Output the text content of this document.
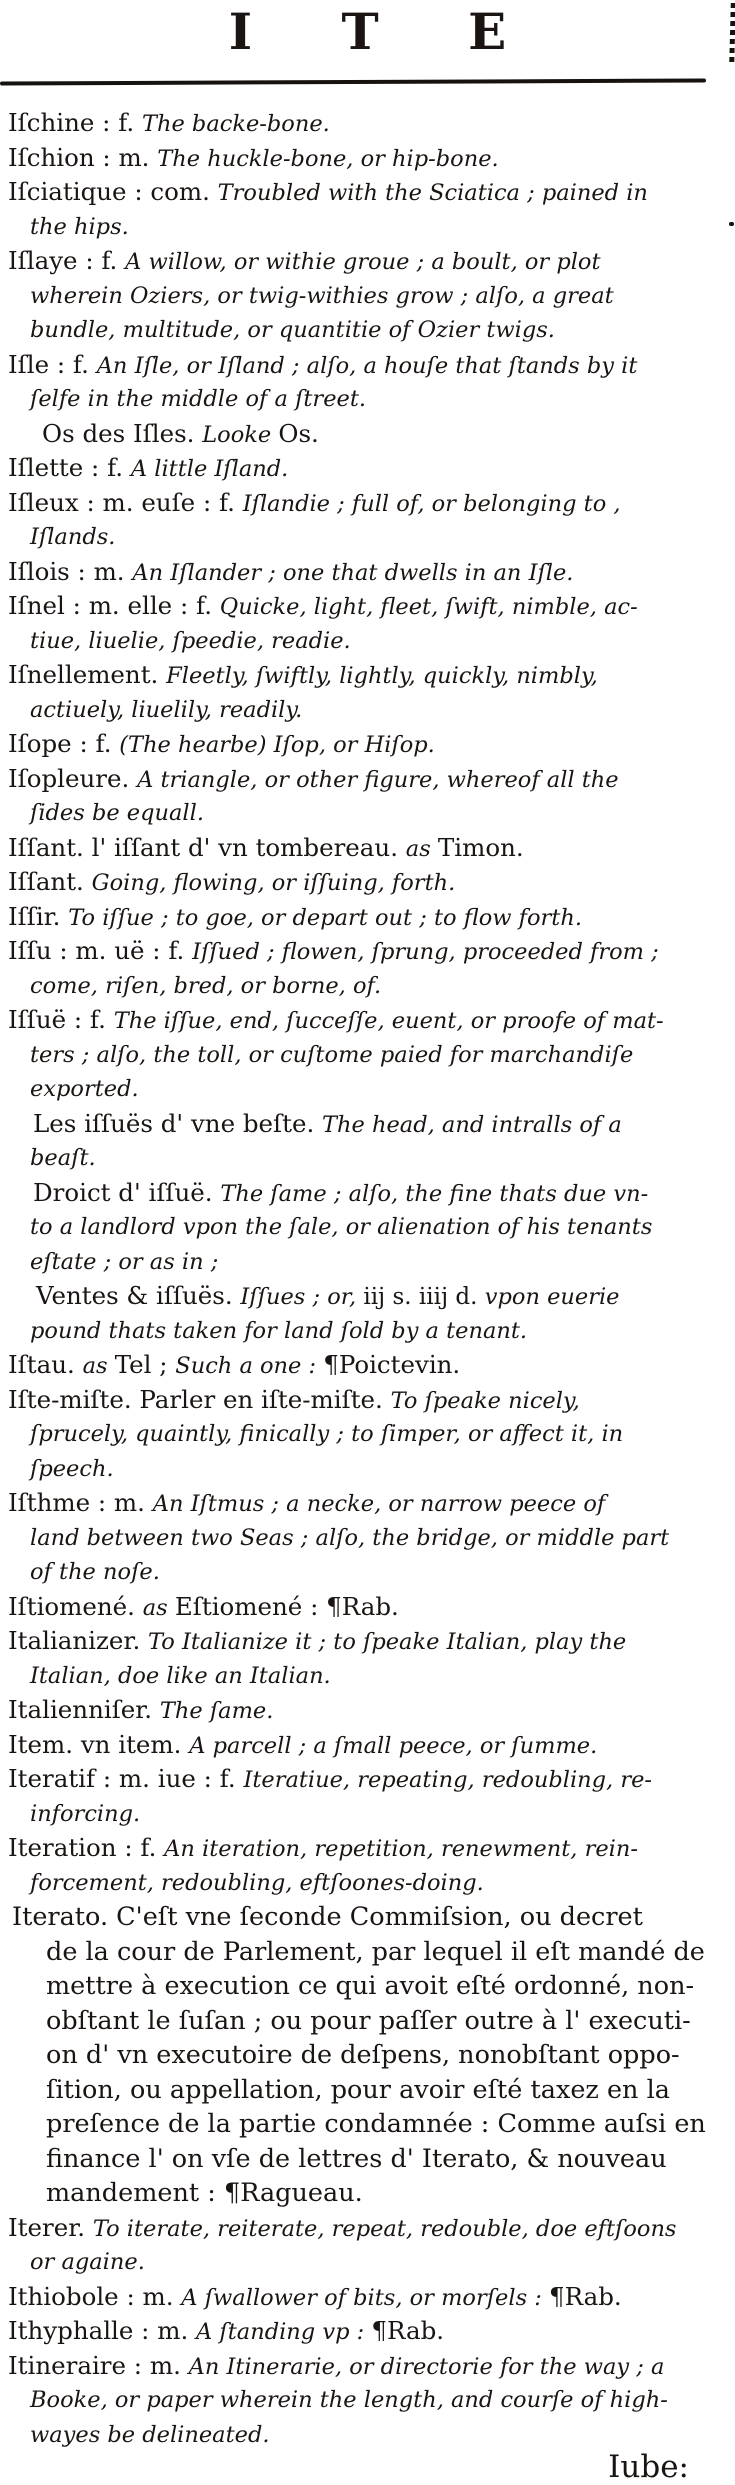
I T E
Iſchine : f. The backe-bone.
Iſchion : m. The huckle-bone, or hip-bone.
Iſciatique : com. Troubled with the Sciatica ; pained in
the hips.
Iſlaye : f. A willow, or withie groue ; a boult, or plot
wherein Oziers, or twig-withies grow ; alſo, a great
bundle, multitude, or quantitie of Ozier twigs.
Iſle : f. An Iſle, or Iſland ; alſo, a houſe that ſtands by it
ſelfe in the middle of a ſtreet.
Os des Iſles. Looke Os.
Iſlette : f. A little Iſland.
Iſleux : m. euſe : f. Iſlandie ; full of, or belonging to ,
Iſlands.
Iſlois : m. An Iſlander ; one that dwells in an Iſle.
Iſnel : m. elle : f. Quicke, light, fleet, ſwift, nimble, ac-
tiue, liuelie, ſpeedie, readie.
Iſnellement. Fleetly, ſwiftly, lightly, quickly, nimbly,
actiuely, liuelily, readily.
Iſope : f. (The hearbe) Iſop, or Hiſop.
Iſopleure. A triangle, or other figure, whereof all the
ſides be equall.
Iſſant. l' iſſant d' vn tombereau. as Timon.
Iſſant. Going, flowing, or iſſuing, forth.
Iſſir. To iſſue ; to goe, or depart out ; to flow forth.
Iſſu : m. uë : f. Iſſued ; flowen, ſprung, proceeded from ;
come, riſen, bred, or borne, of.
Iſſuë : f. The iſſue, end, ſucceſſe, euent, or proofe of mat-
ters ; alſo, the toll, or cuſtome paied for marchandiſe
exported.
Les iſſuës d' vne beſte. The head, and intralls of a
beaſt.
Droict d' iſſuë. The ſame ; alſo, the fine thats due vn-
to a landlord vpon the ſale, or alienation of his tenants
eſtate ; or as in ;
Ventes & iſſuës. Iſſues ; or, iij s. iiij d. vpon euerie
pound thats taken for land ſold by a tenant.
Iſtau. as Tel ; Such a one : ¶Poictevin.
Iſte-miſte. Parler en iſte-miſte. To ſpeake nicely,
ſprucely, quaintly, finically ; to ſimper, or affect it, in
ſpeech.
Iſthme : m. An Iſtmus ; a necke, or narrow peece of
land between two Seas ; alſo, the bridge, or middle part
of the noſe.
Iſtiomené. as Eſtiomené : ¶Rab.
Italianizer. To Italianize it ; to ſpeake Italian, play the
Italian, doe like an Italian.
Italienniſer. The ſame.
Item. vn item. A parcell ; a ſmall peece, or ſumme.
Iteratif : m. iue : f. Iteratiue, repeating, redoubling, re-
inforcing.
Iteration : f. An iteration, repetition, renewment, rein-
forcement, redoubling, eftſoones-doing.
Iterato. C'eſt vne ſeconde Commiſsion, ou decret
de la cour de Parlement, par lequel il eſt mandé de
mettre à execution ce qui avoit eſté ordonné, non-
obſtant le ſuſan ; ou pour paſſer outre à l' executi-
on d' vn executoire de deſpens, nonobſtant oppo-
ſition, ou appellation, pour avoir eſté taxez en la
preſence de la partie condamnée : Comme auſsi en
finance l' on vſe de lettres d' Iterato, & nouveau
mandement : ¶Ragueau.
Iterer. To iterate, reiterate, repeat, redouble, doe eftſoons
or againe.
Ithiobole : m. A ſwallower of bits, or morſels : ¶Rab.
Ithyphalle : m. A ſtanding vp : ¶Rab.
Itineraire : m. An Itinerarie, or directorie for the way ; a
Booke, or paper wherein the length, and courſe of high-
wayes be delineated.
Iube:
